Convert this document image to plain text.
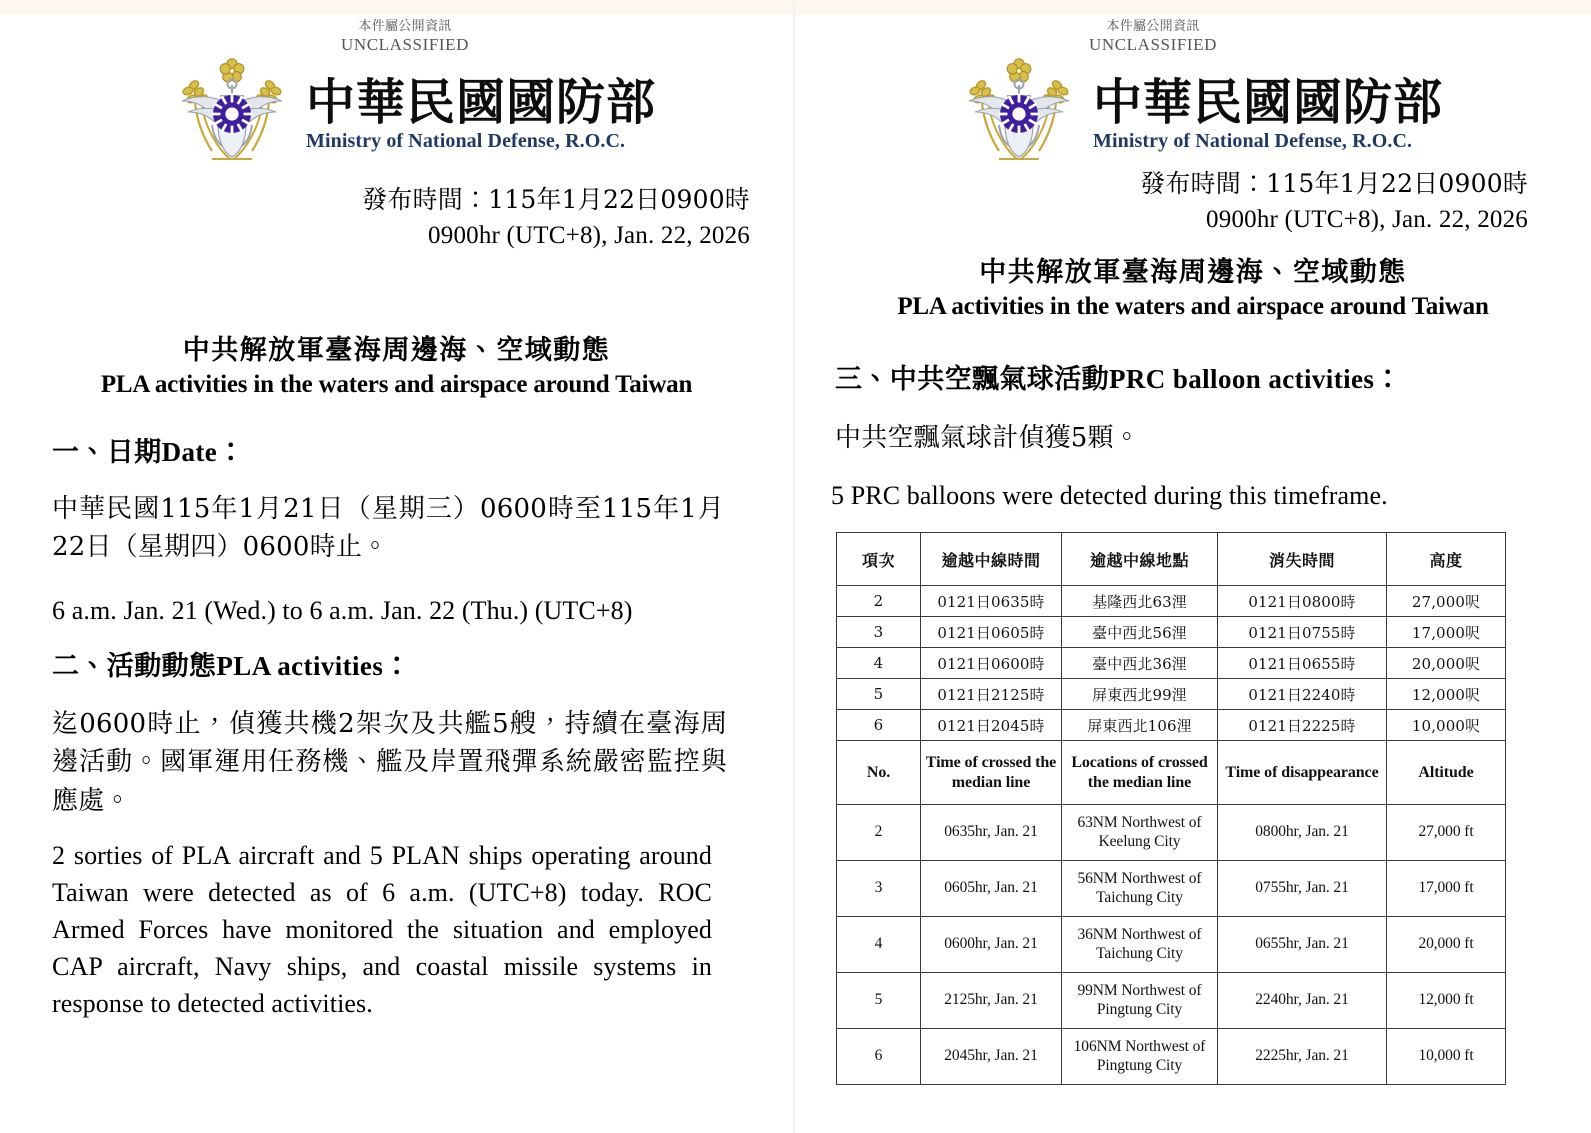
本件屬公開資訊
UNCLASSIFIED
中華民國國防部
Ministry of National Defense, R.O.C.
發布時間：115年1月22日0900時
0900hr (UTC+8), Jan. 22, 2026
中共解放軍臺海周邊海、空域動態
PLA activities in the waters and airspace around Taiwan
一、日期Date：
中華民國115年1月21日（星期三）0600時至115年1月22日（星期四）0600時止。
6 a.m. Jan. 21 (Wed.) to 6 a.m. Jan. 22 (Thu.) (UTC+8)
二、活動動態PLA activities：
迄0600時止，偵獲共機2架次及共艦5艘，持續在臺海周邊活動。國軍運用任務機、艦及岸置飛彈系統嚴密監控與應處。
2 sorties of PLA aircraft and 5 PLAN ships operating around Taiwan were detected as of 6 a.m. (UTC+8) today. ROC Armed Forces have monitored the situation and employed CAP aircraft, Navy ships, and coastal missile systems in response to detected activities.
本件屬公開資訊
UNCLASSIFIED
中華民國國防部
Ministry of National Defense, R.O.C.
發布時間：115年1月22日0900時
0900hr (UTC+8), Jan. 22, 2026
中共解放軍臺海周邊海、空域動態
PLA activities in the waters and airspace around Taiwan
三、中共空飄氣球活動PRC balloon activities：
中共空飄氣球計偵獲5顆。
5 PRC balloons were detected during this timeframe.
項次	逾越中線時間	逾越中線地點	消失時間	高度
2	0121日0635時	基隆西北63浬	0121日0800時	27,000呎
3	0121日0605時	臺中西北56浬	0121日0755時	17,000呎
4	0121日0600時	臺中西北36浬	0121日0655時	20,000呎
5	0121日2125時	屏東西北99浬	0121日2240時	12,000呎
6	0121日2045時	屏東西北106浬	0121日2225時	10,000呎
No.	Time of crossed the median line	Locations of crossed the median line	Time of disappearance	Altitude
2	0635hr, Jan. 21	63NM Northwest of Keelung City	0800hr, Jan. 21	27,000 ft
3	0605hr, Jan. 21	56NM Northwest of Taichung City	0755hr, Jan. 21	17,000 ft
4	0600hr, Jan. 21	36NM Northwest of Taichung City	0655hr, Jan. 21	20,000 ft
5	2125hr, Jan. 21	99NM Northwest of Pingtung City	2240hr, Jan. 21	12,000 ft
6	2045hr, Jan. 21	106NM Northwest of Pingtung City	2225hr, Jan. 21	10,000 ft
